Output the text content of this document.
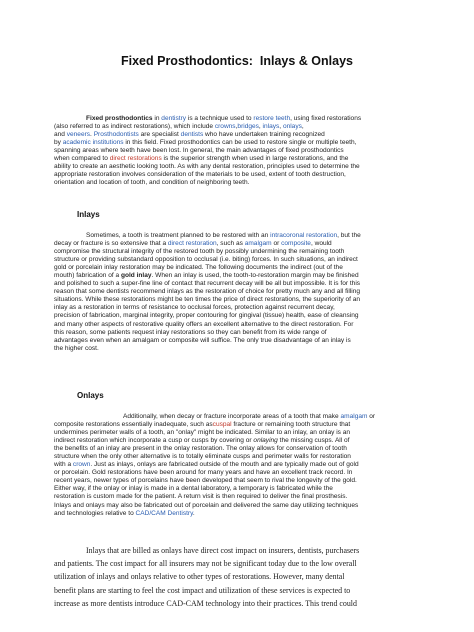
Fixed Prosthodontics: Inlays & Onlays
Fixed prosthodontics in dentistry is a technique used to restore teeth, using fixed restorations
(also referred to as indirect restorations), which include crowns,bridges, inlays, onlays,
and veneers. Prosthodontists are specialist dentists who have undertaken training recognized
by academic institutions in this field. Fixed prosthodontics can be used to restore single or multiple teeth,
spanning areas where teeth have been lost. In general, the main advantages of fixed prosthodontics
when compared to direct restorations is the superior strength when used in large restorations, and the
ability to create an aesthetic looking tooth. As with any dental restoration, principles used to determine the
appropriate restoration involves consideration of the materials to be used, extent of tooth destruction,
orientation and location of tooth, and condition of neighboring teeth.
Inlays
Sometimes, a tooth is treatment planned to be restored with an intracoronal restoration, but the
decay or fracture is so extensive that a direct restoration, such as amalgam or composite, would
compromise the structural integrity of the restored tooth by possibly undermining the remaining tooth
structure or providing substandard opposition to occlusal (i.e. biting) forces. In such situations, an indirect
gold or porcelain inlay restoration may be indicated. The following documents the indirect (out of the
mouth) fabrication of a gold inlay. When an inlay is used, the tooth-to-restoration margin may be finished
and polished to such a super-fine line of contact that recurrent decay will be all but impossible. It is for this
reason that some dentists recommend inlays as the restoration of choice for pretty much any and all filling
situations. While these restorations might be ten times the price of direct restorations, the superiority of an
inlay as a restoration in terms of resistance to occlusal forces, protection against recurrent decay,
precision of fabrication, marginal integrity, proper contouring for gingival (tissue) health, ease of cleansing
and many other aspects of restorative quality offers an excellent alternative to the direct restoration. For
this reason, some patients request inlay restorations so they can benefit from its wide range of
advantages even when an amalgam or composite will suffice. The only true disadvantage of an inlay is
the higher cost.
Onlays
Additionally, when decay or fracture incorporate areas of a tooth that make amalgam or
composite restorations essentially inadequate, such ascuspal fracture or remaining tooth structure that
undermines perimeter walls of a tooth, an "onlay" might be indicated. Similar to an inlay, an onlay is an
indirect restoration which incorporate a cusp or cusps by covering or onlaying the missing cusps. All of
the benefits of an inlay are present in the onlay restoration. The onlay allows for conservation of tooth
structure when the only other alternative is to totally eliminate cusps and perimeter walls for restoration
with a crown. Just as inlays, onlays are fabricated outside of the mouth and are typically made out of gold
or porcelain. Gold restorations have been around for many years and have an excellent track record. In
recent years, newer types of porcelains have been developed that seem to rival the longevity of the gold.
Either way, if the onlay or inlay is made in a dental laboratory, a temporary is fabricated while the
restoration is custom made for the patient. A return visit is then required to deliver the final prosthesis.
Inlays and onlays may also be fabricated out of porcelain and delivered the same day utilizing techniques
and technologies relative to CAD/CAM Dentistry.
Inlays that are billed as onlays have direct cost impact on insurers, dentists, purchasers
and patients. The cost impact for all insurers may not be significant today due to the low overall
utilization of inlays and onlays relative to other types of restorations. However, many dental
benefit plans are starting to feel the cost impact and utilization of these services is expected to
increase as more dentists introduce CAD-CAM technology into their practices. This trend could
